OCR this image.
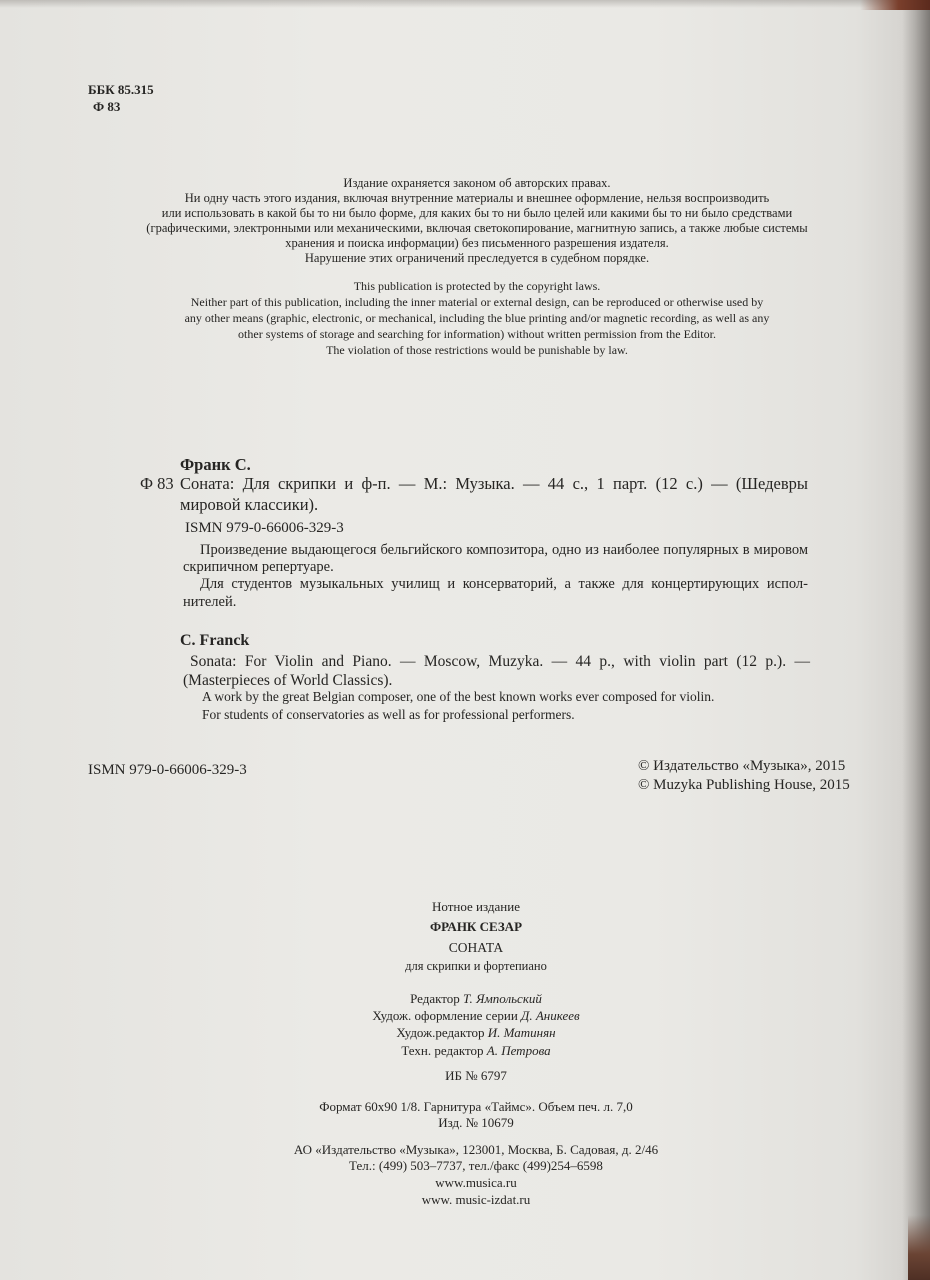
ББК 85.315
Ф 83
Издание охраняется законом об авторских правах.
Ни одну часть этого издания, включая внутренние материалы и внешнее оформление, нельзя воспроизводить
или использовать в какой бы то ни было форме, для каких бы то ни было целей или какими бы то ни было средствами
(графическими, электронными или механическими, включая светокопирование, магнитную запись, а также любые системы
хранения и поиска информации) без письменного разрешения издателя.
Нарушение этих ограничений преследуется в судебном порядке.
This publication is protected by the copyright laws.
Neither part of this publication, including the inner material or external design, can be reproduced or otherwise used by
any other means (graphic, electronic, or mechanical, including the blue printing and/or magnetic recording, as well as any
other systems of storage and searching for information) without written permission from the Editor.
The violation of those restrictions would be punishable by law.
Франк С.
Ф 83 Соната: Для скрипки и ф-п. — М.: Музыка. — 44 с., 1 парт. (12 с.) — (Шедевры
мировой классики).
ISMN 979-0-66006-329-3
Произведение выдающегося бельгийского композитора, одно из наиболее популярных в мировом
скрипичном репертуаре.
Для студентов музыкальных училищ и консерваторий, а также для концертирующих испол-
нителей.
C. Franck
Sonata: For Violin and Piano. — Moscow, Muzyka. — 44 p., with violin part (12 p.). —
(Masterpieces of World Classics).
A work by the great Belgian composer, one of the best known works ever composed for violin.
For students of conservatories as well as for professional performers.
ISMN 979-0-66006-329-3	© Издательство «Музыка», 2015
© Muzyka Publishing House, 2015
Нотное издание
ФРАНК СЕЗАР
СОНАТА
для скрипки и фортепиано
Редактор Т. Ямпольский
Худож. оформление серии Д. Аникеев
Худож.редактор И. Матинян
Техн. редактор А. Петрова
ИБ № 6797
Формат 60х90 1/8. Гарнитура «Таймс». Объем печ. л. 7,0
Изд. № 10679
АО «Издательство «Музыка», 123001, Москва, Б. Садовая, д. 2/46
Тел.: (499) 503–7737, тел./факс (499)254–6598
www.musica.ru
www. music-izdat.ru
